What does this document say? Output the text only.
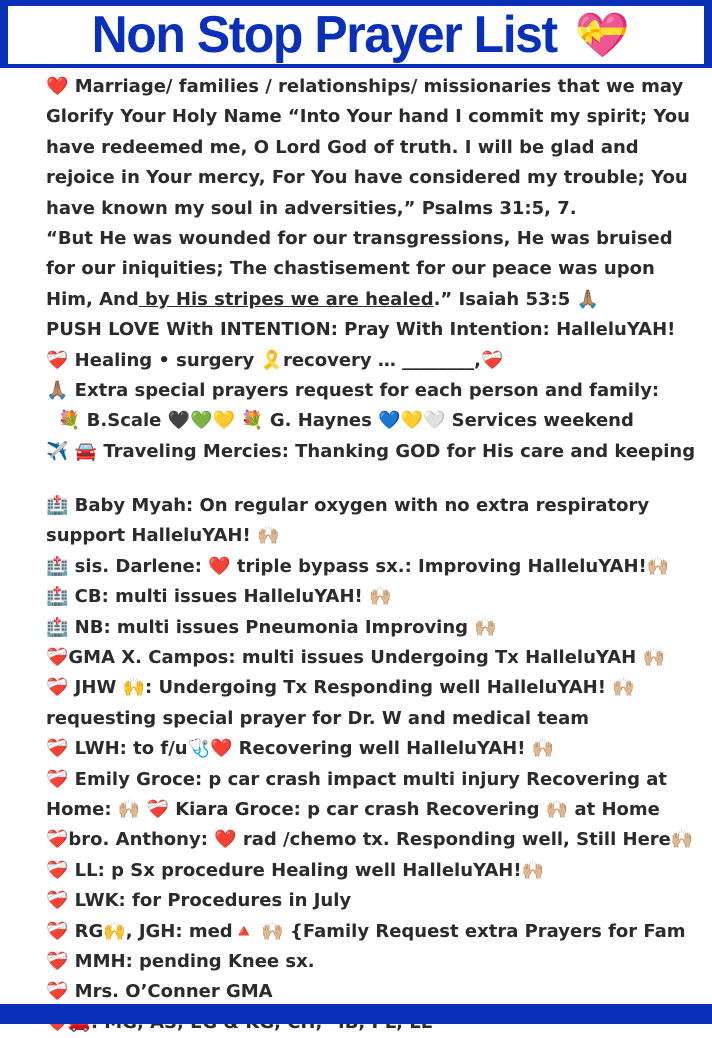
Non Stop Prayer List 💝
❤️ Marriage/ families / relationships/ missionaries that we may
Glorify Your Holy Name “Into Your hand I commit my spirit; You
have redeemed me, O Lord God of truth. I will be glad and
rejoice in Your mercy, For You have considered my trouble; You
have known my soul in adversities,” Psalms 31:5, 7.
“But He was wounded for our transgressions, He was bruised
for our iniquities; The chastisement for our peace was upon
Him, And by His stripes we are healed.” Isaiah 53:5 🙏🏽
PUSH LOVE With INTENTION: Pray With Intention: HalleluYAH!
❤️‍🩹 Healing • surgery 🎗️recovery … ________,❤️‍🩹
🙏🏽 Extra special prayers request for each person and family:
💐 B.Scale 🖤💚💛 💐 G. Haynes 💙💛🤍 Services weekend
✈️ 🚘 Traveling Mercies: Thanking GOD for His care and keeping
🏥 Baby Myah: On regular oxygen with no extra respiratory
support HalleluYAH! 🙌🏼
🏥 sis. Darlene: ❤️ triple bypass sx.: Improving HalleluYAH!🙌🏼
🏥 CB: multi issues HalleluYAH! 🙌🏼
🏥 NB: multi issues Pneumonia Improving 🙌🏼
❤️‍🩹GMA X. Campos: multi issues Undergoing Tx HalleluYAH 🙌🏼
❤️‍🩹 JHW 🙌: Undergoing Tx Responding well HalleluYAH! 🙌🏼
requesting special prayer for Dr. W and medical team
❤️‍🩹 LWH: to f/u🩺❤️ Recovering well HalleluYAH! 🙌🏼
❤️‍🩹 Emily Groce: p car crash impact multi injury Recovering at
Home: 🙌🏼 ❤️‍🩹 Kiara Groce: p car crash Recovering 🙌🏼 at Home
❤️‍🩹bro. Anthony: ❤️ rad /chemo tx. Responding well, Still Here🙌🏼
❤️‍🩹 LL: p Sx procedure Healing well HalleluYAH!🙌🏼
❤️‍🩹 LWK: for Procedures in July
❤️‍🩹 RG🙌, JGH: med🔺 🙌🏼 {Family Request extra Prayers for Fam
❤️‍🩹 MMH: pending Knee sx.
❤️‍🩹 Mrs. O’Conner GMA
